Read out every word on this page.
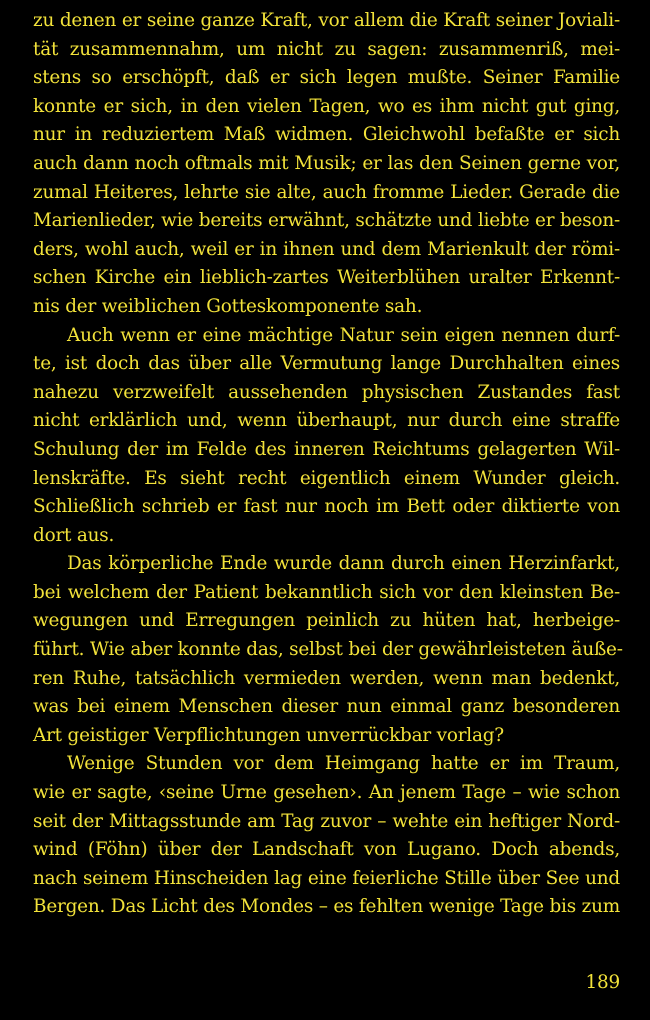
zu denen er seine ganze Kraft, vor allem die Kraft seiner Joviali-
tät zusammennahm, um nicht zu sagen: zusammenriß, mei-
stens so erschöpft, daß er sich legen mußte. Seiner Familie
konnte er sich, in den vielen Tagen, wo es ihm nicht gut ging,
nur in reduziertem Maß widmen. Gleichwohl befaßte er sich
auch dann noch oftmals mit Musik; er las den Seinen gerne vor,
zumal Heiteres, lehrte sie alte, auch fromme Lieder. Gerade die
Marienlieder, wie bereits erwähnt, schätzte und liebte er beson-
ders, wohl auch, weil er in ihnen und dem Marienkult der römi-
schen Kirche ein lieblich-zartes Weiterblühen uralter Erkennt-
nis der weiblichen Gotteskomponente sah.
Auch wenn er eine mächtige Natur sein eigen nennen durf-
te, ist doch das über alle Vermutung lange Durchhalten eines
nahezu verzweifelt aussehenden physischen Zustandes fast
nicht erklärlich und, wenn überhaupt, nur durch eine straffe
Schulung der im Felde des inneren Reichtums gelagerten Wil-
lenskräfte. Es sieht recht eigentlich einem Wunder gleich.
Schließlich schrieb er fast nur noch im Bett oder diktierte von
dort aus.
Das körperliche Ende wurde dann durch einen Herzinfarkt,
bei welchem der Patient bekanntlich sich vor den kleinsten Be-
wegungen und Erregungen peinlich zu hüten hat, herbeige-
führt. Wie aber konnte das, selbst bei der gewährleisteten äuße-
ren Ruhe, tatsächlich vermieden werden, wenn man bedenkt,
was bei einem Menschen dieser nun einmal ganz besonderen
Art geistiger Verpflichtungen unverrückbar vorlag?
Wenige Stunden vor dem Heimgang hatte er im Traum,
wie er sagte, ‹seine Urne gesehen›. An jenem Tage – wie schon
seit der Mittagsstunde am Tag zuvor – wehte ein heftiger Nord-
wind (Föhn) über der Landschaft von Lugano. Doch abends,
nach seinem Hinscheiden lag eine feierliche Stille über See und
Bergen. Das Licht des Mondes – es fehlten wenige Tage bis zum
189
